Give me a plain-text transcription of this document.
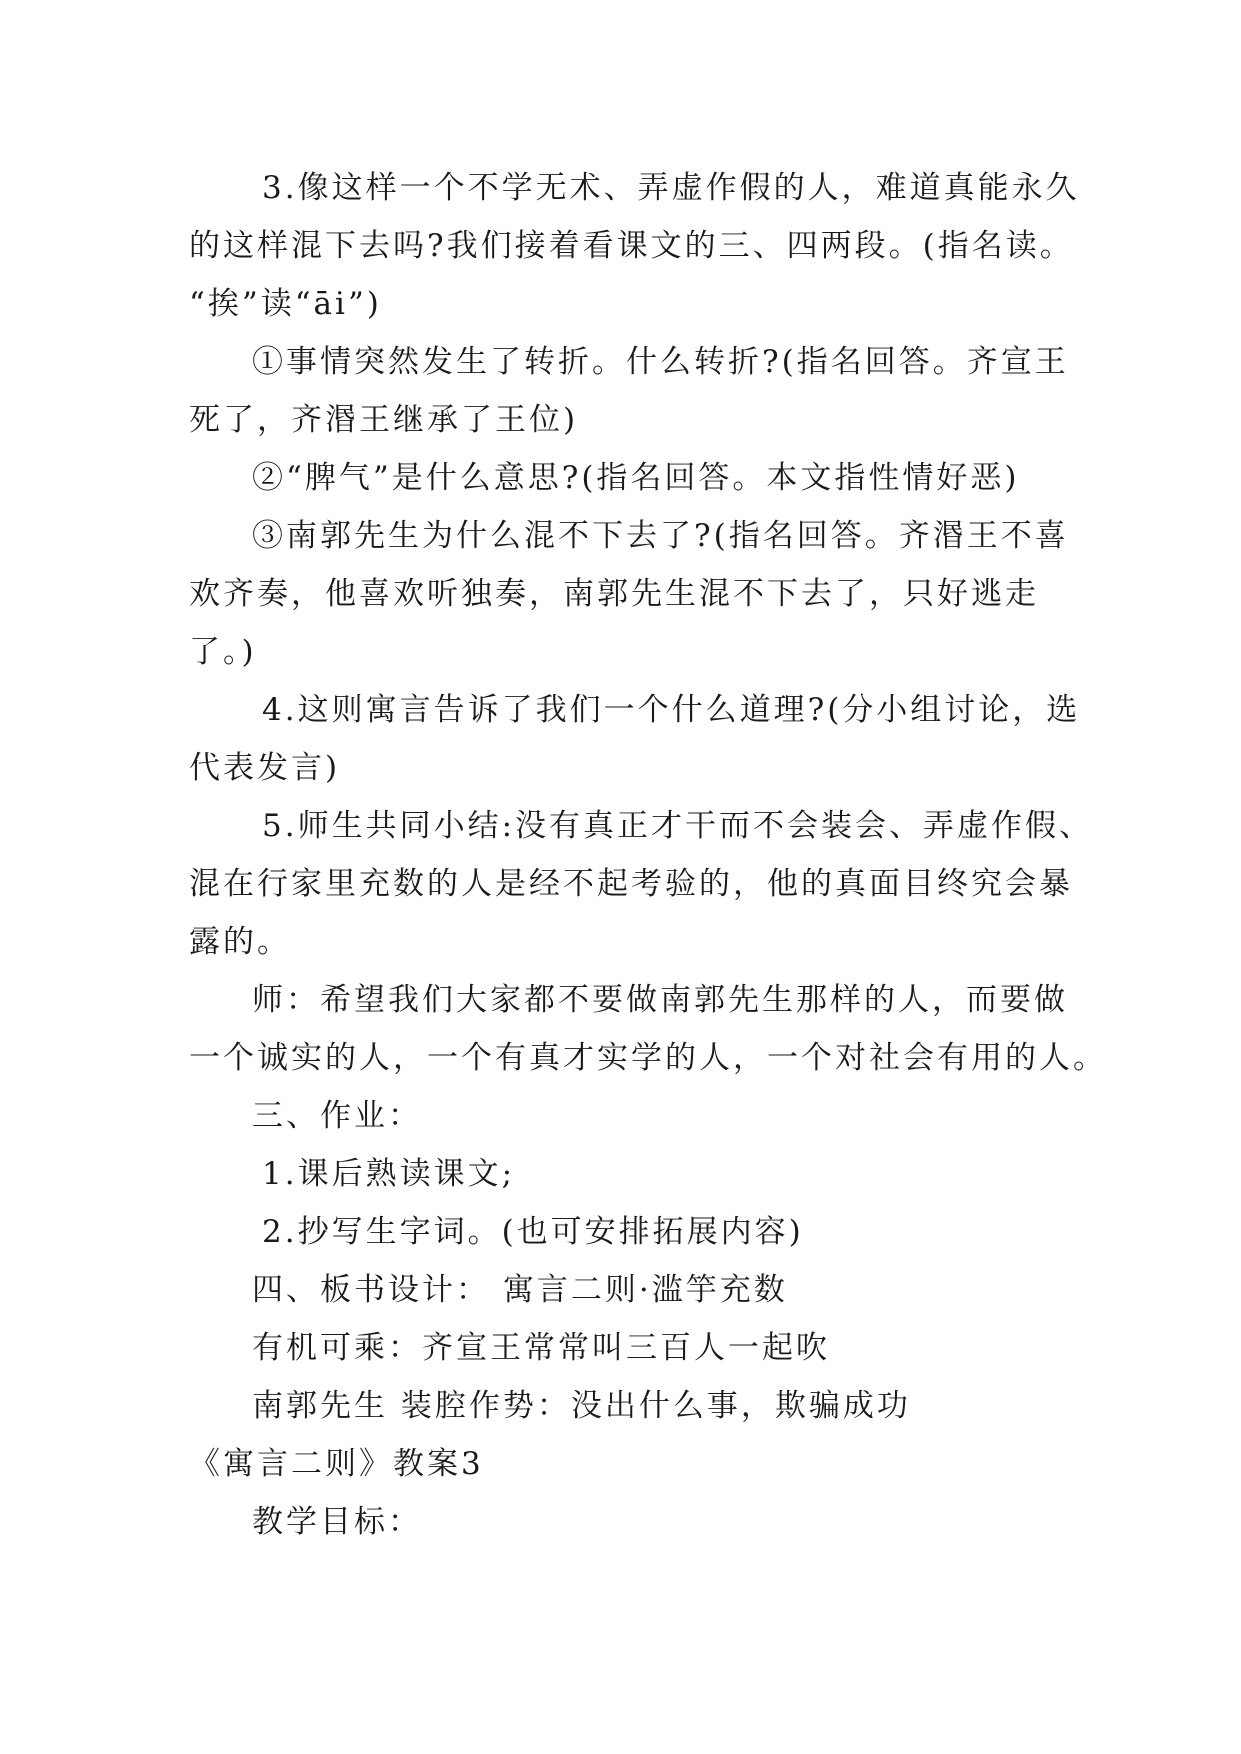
3.像这样一个不学无术、弄虚作假的人，难道真能永久
的这样混下去吗?我们接着看课文的三、四两段。(指名读。
“挨”读“āi”)
①事情突然发生了转折。什么转折?(指名回答。齐宣王
死了，齐湣王继承了王位)
②“脾气”是什么意思?(指名回答。本文指性情好恶)
③南郭先生为什么混不下去了?(指名回答。齐湣王不喜
欢齐奏，他喜欢听独奏，南郭先生混不下去了，只好逃走
了。)
4.这则寓言告诉了我们一个什么道理?(分小组讨论，选
代表发言)
5.师生共同小结:没有真正才干而不会装会、弄虚作假、
混在行家里充数的人是经不起考验的，他的真面目终究会暴
露的。
师：希望我们大家都不要做南郭先生那样的人，而要做
一个诚实的人，一个有真才实学的人，一个对社会有用的人。
三、作业：
1.课后熟读课文;
2.抄写生字词。(也可安排拓展内容)
四、板书设计： 寓言二则·滥竽充数
有机可乘：齐宣王常常叫三百人一起吹
南郭先生 装腔作势：没出什么事，欺骗成功
《寓言二则》教案3
教学目标：
